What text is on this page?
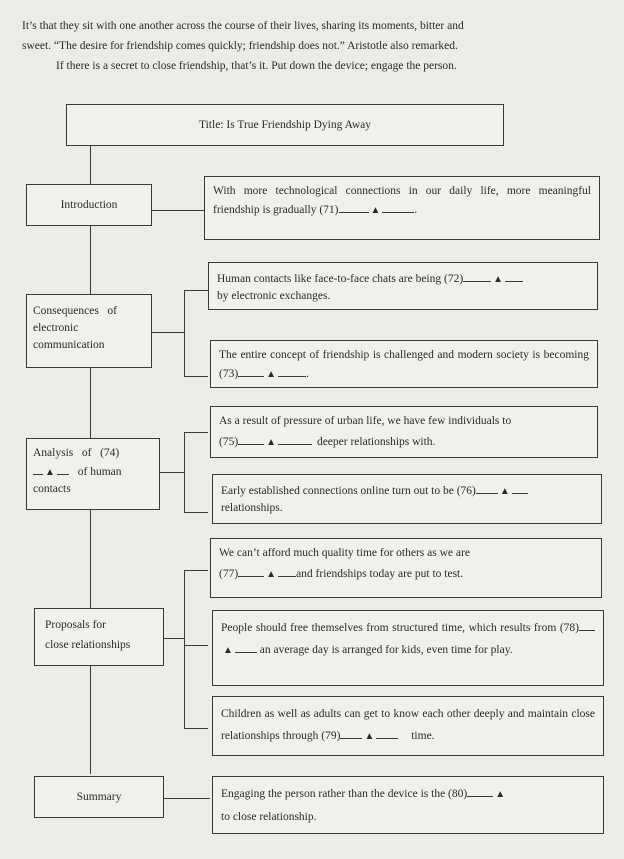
It’s that they sit with one another across the course of their lives, sharing its moments, bitter and
sweet. “The desire for friendship comes quickly; friendship does not.” Aristotle also remarked.
If there is a secret to close friendship, that’s it. Put down the device; engage the person.
Title: Is True Friendship Dying Away
Introduction
Consequences   of
electronic
communication
Analysis   of   (74)
▲ of human
contacts
Proposals for
close relationships
Summary
With more technological connections in our daily life, more meaningful friendship is gradually (71)	▲	.
Human contacts like face-to-face chats are being (72)	▲
by electronic exchanges.
The entire concept of friendship is challenged and modern society is becoming (73)	▲	.
As a result of pressure of urban life, we have few individuals to
(75)	▲	deeper relationships with.
Early established connections online turn out to be (76) ▲
relationships.
We can’t afford much quality time for others as we are
(77)	▲ and friendships today are put to test.
People should free themselves from structured time, which results from (78)▲ an average day is arranged for kids, even time for play.
Children as well as adults can get to know each other deeply and maintain close relationships through (79) ▲	time.
Engaging the person rather than the device is the (80)	▲
to close relationship.
